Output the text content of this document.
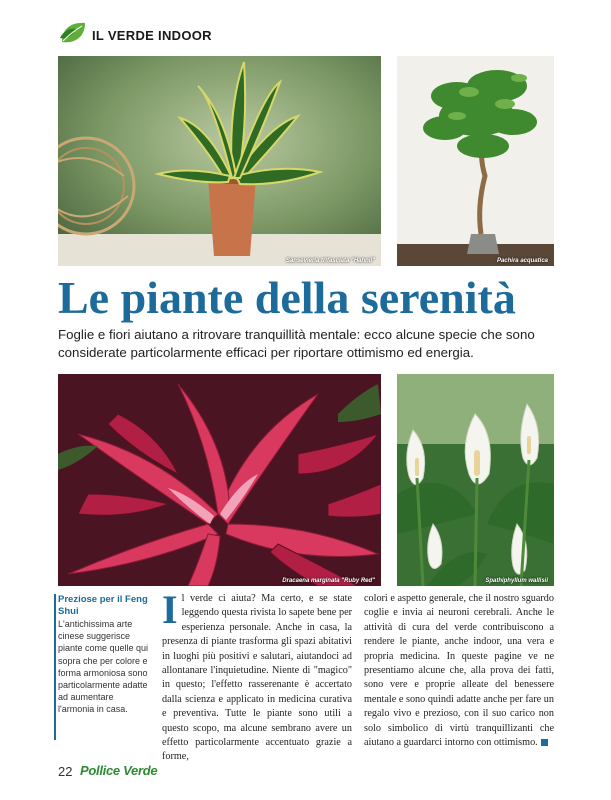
IL VERDE INDOOR
Sansevieria trifasciata "Hahnii"	Pachira acquatica
Le piante della serenità
Foglie e fiori aiutano a ritrovare tranquillità mentale: ecco alcune specie che sono considerate particolarmente efficaci per riportare ottimismo ed energia.
Dracaena marginata "Ruby Red"	Spathiphyllum wallisii
Preziose per il Feng Shui
L'antichissima arte cinese suggerisce piante come quelle qui sopra che per colore e forma armoniosa sono particolarmente adatte ad aumentare l'armonia in casa.
Il verde ci aiuta? Ma certo, e se state leggendo questa rivista lo sapete bene per esperienza personale. Anche in casa, la presenza di piante trasforma gli spazi abitativi in luoghi più positivi e salutari, aiutandoci ad allontanare l'inquietudine. Niente di "magico" in questo; l'effetto rasserenante è accertato dalla scienza e applicato in medicina curativa e preventiva. Tutte le piante sono utili a questo scopo, ma alcune sembrano avere un effetto particolarmente accentuato grazie a forme,
colori e aspetto generale, che il nostro sguardo coglie e invia ai neuroni cerebrali. Anche le attività di cura del verde contribuiscono a rendere le piante, anche indoor, una vera e propria medicina. In queste pagine ve ne presentiamo alcune che, alla prova dei fatti, sono vere e proprie alleate del benessere mentale e sono quindi adatte anche per fare un regalo vivo e prezioso, con il suo carico non solo simbolico di virtù tranquillizanti che aiutano a guardarci intorno con ottimismo.
22 Pollice Verde
